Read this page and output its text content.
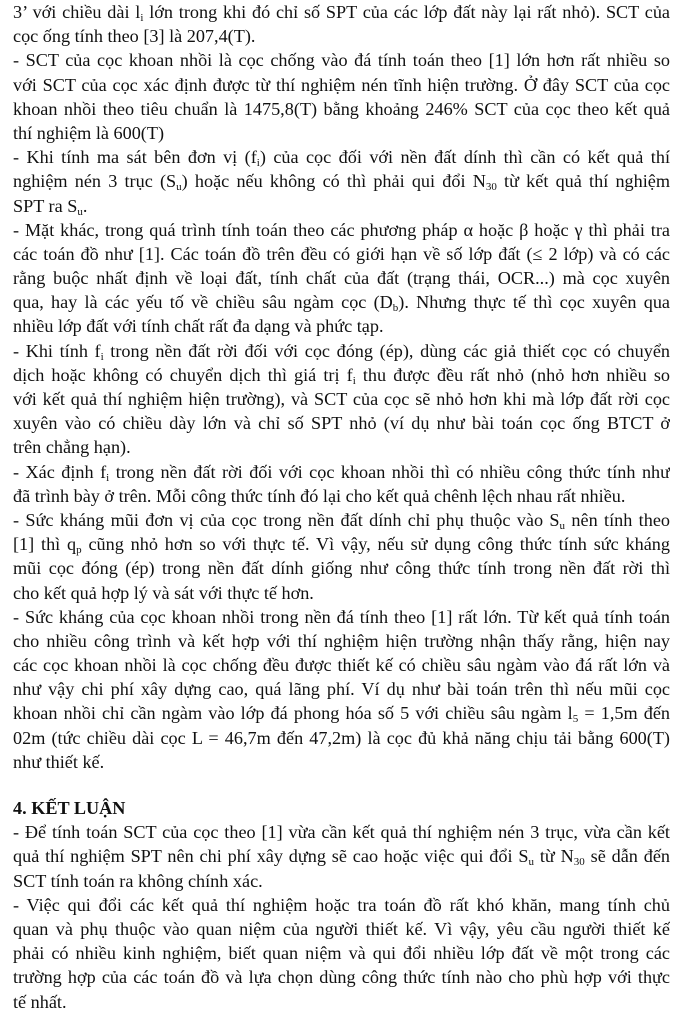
3’ với chiều dài $l_i$ lớn trong khi đó chỉ số SPT của các lớp đất này lại rất nhỏ). SCT của
cọc ống tính theo [3] là 207,4(T).
- SCT của cọc khoan nhồi là cọc chống vào đá tính toán theo [1] lớn hơn rất nhiều so
với SCT của cọc xác định được từ thí nghiệm nén tĩnh hiện trường. Ở đây SCT của cọc
khoan nhồi theo tiêu chuẩn là 1475,8(T) bằng khoảng 246% SCT của cọc theo kết quả
thí nghiệm là 600(T)
- Khi tính ma sát bên đơn vị $(f_i)$ của cọc đối với nền đất dính thì cần có kết quả thí
nghiệm nén 3 trục $(S_u)$ hoặc nếu không có thì phải qui đổi $N_{30}$ từ kết quả thí nghiệm
SPT ra $S_u$.
- Mặt khác, trong quá trình tính toán theo các phương pháp α hoặc β hoặc γ thì phải tra
các toán đồ như [1]. Các toán đồ trên đều có giới hạn về số lớp đất (≤ 2 lớp) và có các
rằng buộc nhất định về loại đất, tính chất của đất (trạng thái, OCR...) mà cọc xuyên
qua, hay là các yếu tố về chiều sâu ngàm cọc $(D_b)$. Nhưng thực tế thì cọc xuyên qua
nhiều lớp đất với tính chất rất đa dạng và phức tạp.
- Khi tính $f_i$ trong nền đất rời đối với cọc đóng (ép), dùng các giả thiết cọc có chuyển
dịch hoặc không có chuyển dịch thì giá trị $f_i$ thu được đều rất nhỏ (nhỏ hơn nhiều so
với kết quả thí nghiệm hiện trường), và SCT của cọc sẽ nhỏ hơn khi mà lớp đất rời cọc
xuyên vào có chiều dày lớn và chỉ số SPT nhỏ (ví dụ như bài toán cọc ống BTCT ở
trên chẳng hạn).
- Xác định $f_i$ trong nền đất rời đối với cọc khoan nhồi thì có nhiều công thức tính như
đã trình bày ở trên. Mỗi công thức tính đó lại cho kết quả chênh lệch nhau rất nhiều.
- Sức kháng mũi đơn vị của cọc trong nền đất dính chỉ phụ thuộc vào $S_u$ nên tính theo
[1] thì $q_p$ cũng nhỏ hơn so với thực tế. Vì vậy, nếu sử dụng công thức tính sức kháng
mũi cọc đóng (ép) trong nền đất dính giống như công thức tính trong nền đất rời thì
cho kết quả hợp lý và sát với thực tế hơn.
- Sức kháng của cọc khoan nhồi trong nền đá tính theo [1] rất lớn. Từ kết quả tính toán
cho nhiều công trình và kết hợp với thí nghiệm hiện trường nhận thấy rằng, hiện nay
các cọc khoan nhồi là cọc chống đều được thiết kế có chiều sâu ngàm vào đá rất lớn và
như vậy chi phí xây dựng cao, quá lãng phí. Ví dụ như bài toán trên thì nếu mũi cọc
khoan nhồi chỉ cần ngàm vào lớp đá phong hóa số 5 với chiều sâu ngàm $l_5 = 1,5m$ đến
02m (tức chiều dài cọc L = 46,7m đến 47,2m) là cọc đủ khả năng chịu tải bằng 600(T)
như thiết kế.
4. KẾT LUẬN
- Để tính toán SCT của cọc theo [1] vừa cần kết quả thí nghiệm nén 3 trục, vừa cần kết
quả thí nghiệm SPT nên chi phí xây dựng sẽ cao hoặc việc qui đổi $S_u$ từ $N_{30}$ sẽ dẫn đến
SCT tính toán ra không chính xác.
- Việc qui đổi các kết quả thí nghiệm hoặc tra toán đồ rất khó khăn, mang tính chủ
quan và phụ thuộc vào quan niệm của người thiết kế. Vì vậy, yêu cầu người thiết kế
phải có nhiều kinh nghiệm, biết quan niệm và qui đổi nhiều lớp đất về một trong các
trường hợp của các toán đồ và lựa chọn dùng công thức tính nào cho phù hợp với thực
tế nhất.
